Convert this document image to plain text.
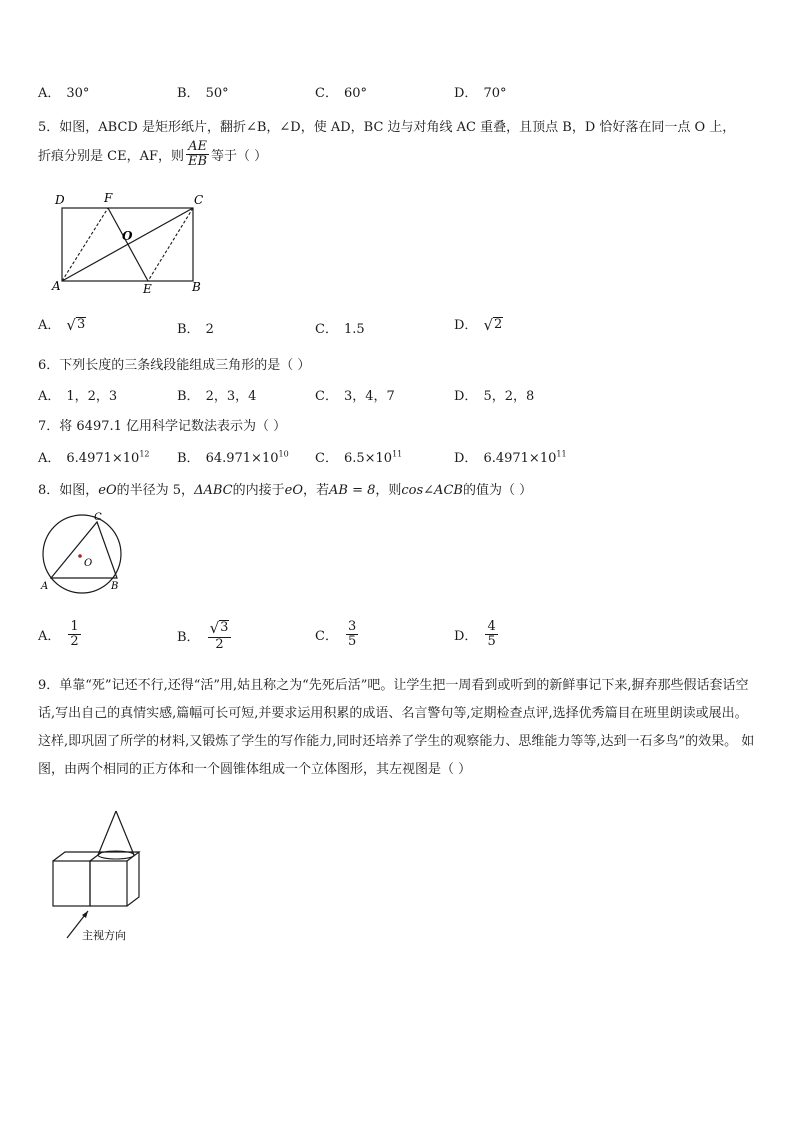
A． 30°	B． 50°	C． 60°	D． 70°
5．如图，ABCD 是矩形纸片，翻折∠B，∠D，使 AD，BC 边与对角线 AC 重叠，且顶点 B，D 恰好落在同一点 O 上，
折痕分别是 CE，AF，则 $\frac{AE}{EB}$ 等于（ ）
D	F	C
O
A	E	B
A． √ 3	B． 2	C． 1.5	D． √ 2
6．下列长度的三条线段能组成三角形的是（ ）
A． 1，2，3	B． 2，3，4	C． 3，4，7	D． 5，2，8
7．将 6497.1 亿用科学记数法表示为（ ）
A． $6.4971\times 10^{12}$ B． $64.971\times 10^{10}$ C． $6.5\times 10^{11}$	D． $6.4971\times 10^{11}$
8．如图，eO的半径为 5，ΔABC的内接于eO，若AB = 8，则cos∠ACB的值为（ ）
C
O
A	B
A． $\frac{1}{2}$	B． $\frac{√ 3}{2}$	C． $\frac{3}{5}$	D． $\frac{4}{5}$
9．单靠“死”记还不行,还得“活”用,姑且称之为“先死后活”吧。让学生把一周看到或听到的新鲜事记下来,摒弃那些假话套话空话,写出自己的真情实感,篇幅可长可短,并要求运用积累的成语、名言警句等,定期检查点评,选择优秀篇目在班里朗读或展出。这样,即巩固了所学的材料,又锻炼了学生的写作能力,同时还培养了学生的观察能力、思维能力等等,达到一石多鸟”的效果。 如图，由两个相同的正方体和一个圆锥体组成一个立体图形，其左视图是（ ）
主视方向
